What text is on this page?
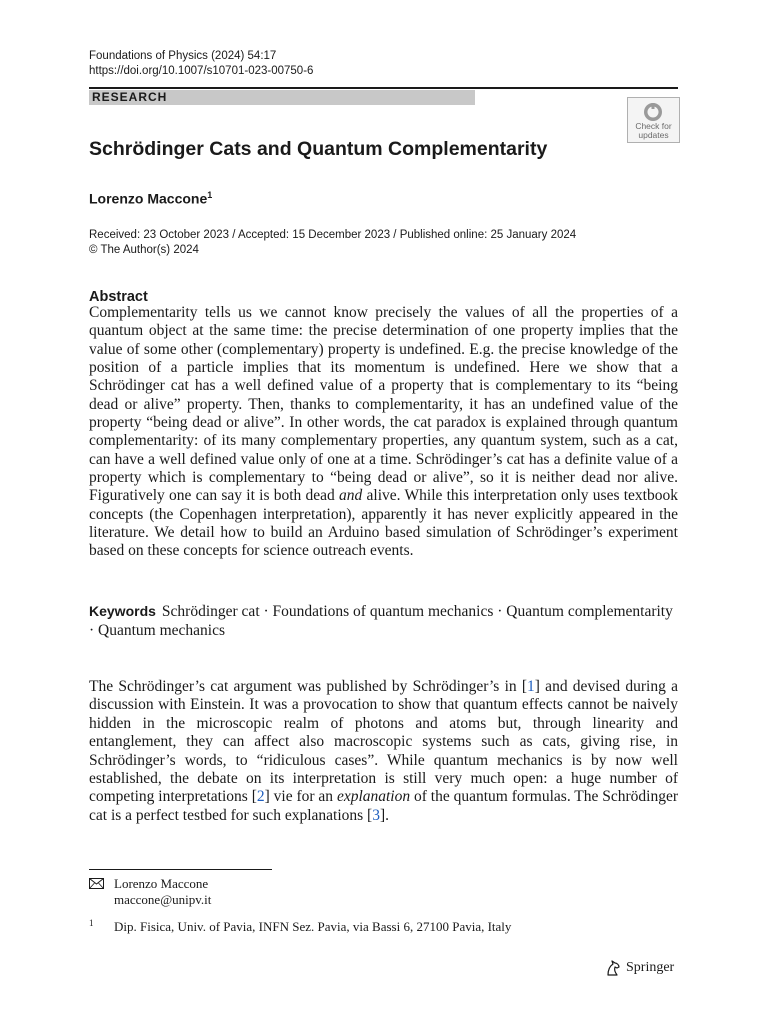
Foundations of Physics (2024) 54:17
https://doi.org/10.1007/s10701-023-00750-6
RESEARCH
Check for
updates
Schrödinger Cats and Quantum Complementarity
Lorenzo Maccone$^1$
Received: 23 October 2023 / Accepted: 15 December 2023 / Published online: 25 January 2024
© The Author(s) 2024
Abstract

Complementarity tells us we cannot know precisely the values of all the properties of a quantum object at the same time: the precise determination of one property implies that the value of some other (complementary) property is undefined. E.g. the precise knowledge of the position of a particle implies that its momentum is undefined. Here we show that a Schrödinger cat has a well defined value of a property that is complementary to its “being dead or alive” property. Then, thanks to complementarity, it has an undefined value of the property “being dead or alive”. In other words, the cat paradox is explained through quantum complementarity: of its many complementary properties, any quantum system, such as a cat, can have a well defined value only of one at a time. Schrödinger’s cat has a definite value of a property which is complementary to “being dead or alive”, so it is neither dead nor alive. Figuratively one can say it is both dead and alive. While this interpretation only uses textbook concepts (the Copenhagen interpretation), apparently it has never explicitly appeared in the literature. We detail how to build an Arduino based simulation of Schrödinger’s experiment based on these concepts for science outreach events.

Keywords Schrödinger cat · Foundations of quantum mechanics · Quantum complementarity · Quantum mechanics

The Schrödinger’s cat argument was published by Schrödinger’s in [1] and devised during a discussion with Einstein. It was a provocation to show that quantum effects cannot be naively hidden in the microscopic realm of photons and atoms but, through linearity and entanglement, they can affect also macroscopic systems such as cats, giving rise, in Schrödinger’s words, to “ridiculous cases”. While quantum mechanics is by now well established, the debate on its interpretation is still very much open: a huge number of competing interpretations [2] vie for an explanation of the quantum formulas. The Schrödinger cat is a perfect testbed for such explanations [3].

Lorenzo Maccone
maccone@unipv.it
1 Dip. Fisica, Univ. of Pavia, INFN Sez. Pavia, via Bassi 6, 27100 Pavia, Italy
Springer
